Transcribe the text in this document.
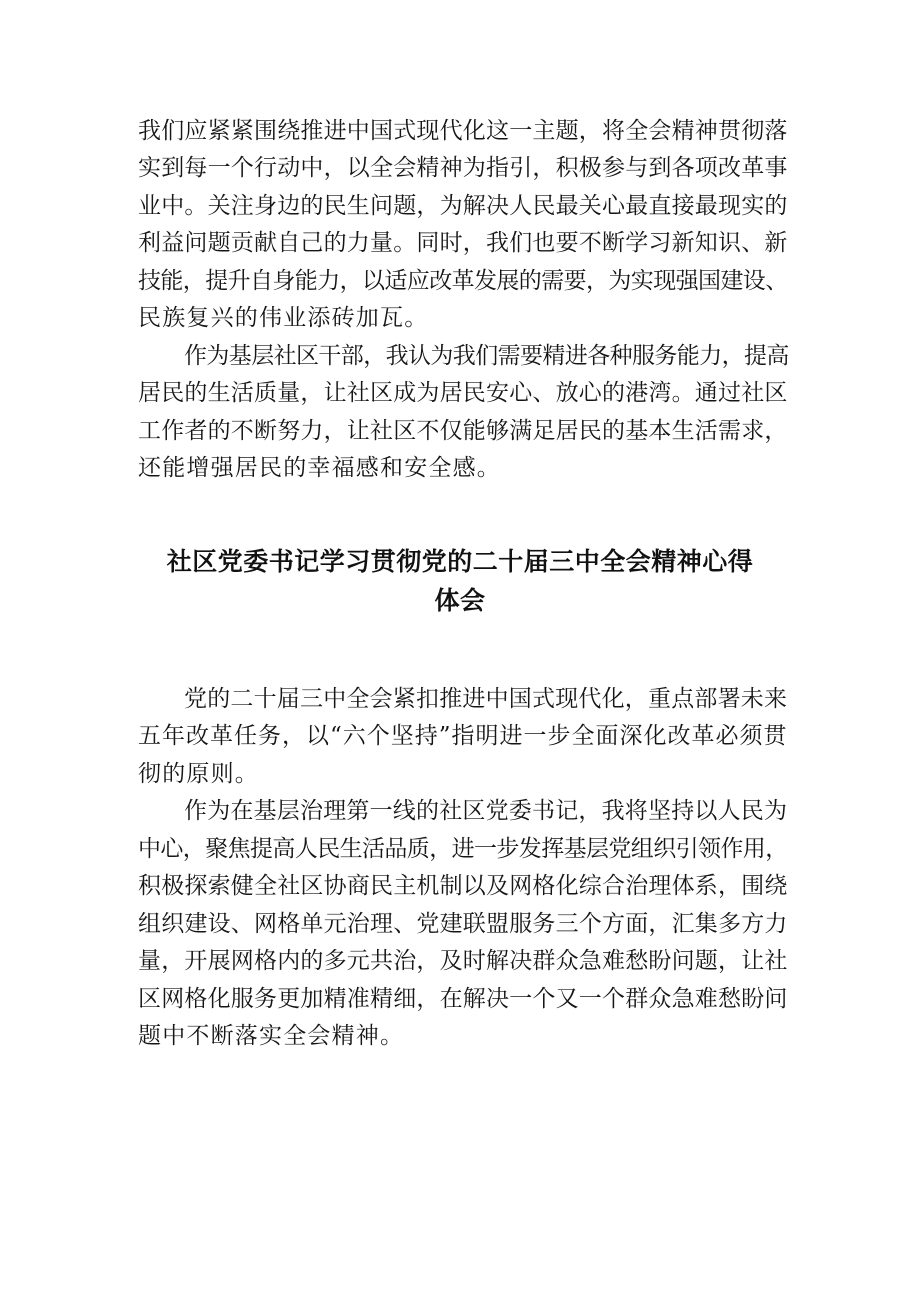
我们应紧紧围绕推进中国式现代化这一主题，将全会精神贯彻落

实到每一个行动中，以全会精神为指引，积极参与到各项改革事

业中。关注身边的民生问题，为解决人民最关心最直接最现实的

利益问题贡献自己的力量。同时，我们也要不断学习新知识、新

技能，提升自身能力，以适应改革发展的需要，为实现强国建设、

民族复兴的伟业添砖加瓦。

作为基层社区干部，我认为我们需要精进各种服务能力，提高

居民的生活质量，让社区成为居民安心、放心的港湾。通过社区

工作者的不断努力，让社区不仅能够满足居民的基本生活需求，

还能增强居民的幸福感和安全感。

社区党委书记学习贯彻党的二十届三中全会精神心得
体会

党的二十届三中全会紧扣推进中国式现代化，重点部署未来

五年改革任务，以“六个坚持”指明进一步全面深化改革必须贯

彻的原则。

作为在基层治理第一线的社区党委书记，我将坚持以人民为

中心，聚焦提高人民生活品质，进一步发挥基层党组织引领作用，

积极探索健全社区协商民主机制以及网格化综合治理体系，围绕

组织建设、网格单元治理、党建联盟服务三个方面，汇集多方力

量，开展网格内的多元共治，及时解决群众急难愁盼问题，让社

区网格化服务更加精准精细，在解决一个又一个群众急难愁盼问

题中不断落实全会精神。
